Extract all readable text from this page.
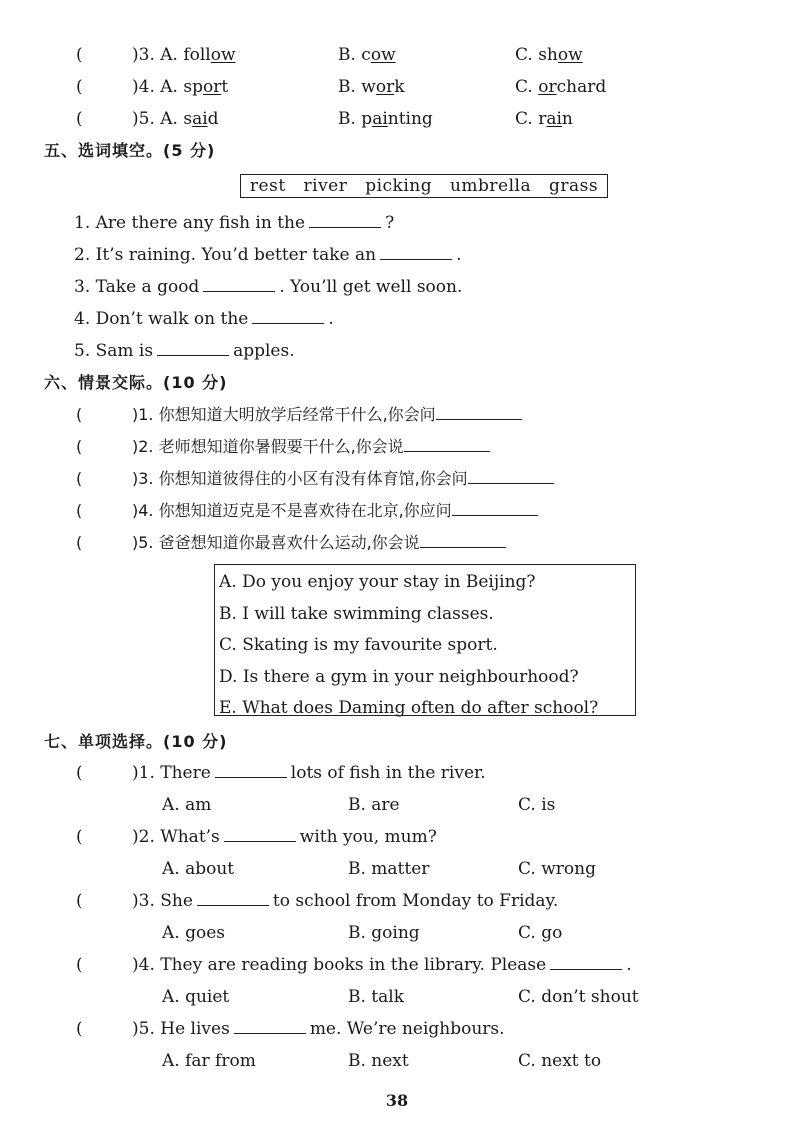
(	)3. A. follow	B. cow	C. show
(	)4. A. sport	B. work	C. orchard
(	)5. A. said	B. painting	C. rain
五、选词填空。(5 分)
rest river picking umbrella grass
1. Are there any fish in the	?
2. It’s raining. You’d better take an	.
3. Take a good	. You’ll get well soon.
4. Don’t walk on the	.
5. Sam is	apples.
六、情景交际。(10 分)
(	)1. 你想知道大明放学后经常干什么,你会问
(	)2. 老师想知道你暑假要干什么,你会说
(	)3. 你想知道彼得住的小区有没有体育馆,你会问
(	)4. 你想知道迈克是不是喜欢待在北京,你应问
(	)5. 爸爸想知道你最喜欢什么运动,你会说
A. Do you enjoy your stay in Beijing?
B. I will take swimming classes.
C. Skating is my favourite sport.
D. Is there a gym in your neighbourhood?
E. What does Daming often do after school?
七、单项选择。(10 分)
(	)1. There	lots of fish in the river.
A. am	B. are	C. is
(	)2. What’s	with you, mum?
A. about	B. matter	C. wrong
(	)3. She	to school from Monday to Friday.
A. goes	B. going	C. go
(	)4. They are reading books in the library. Please	.
A. quiet	B. talk	C. don’t shout
(	)5. He lives	me. We’re neighbours.
A. far from	B. next	C. next to
38
